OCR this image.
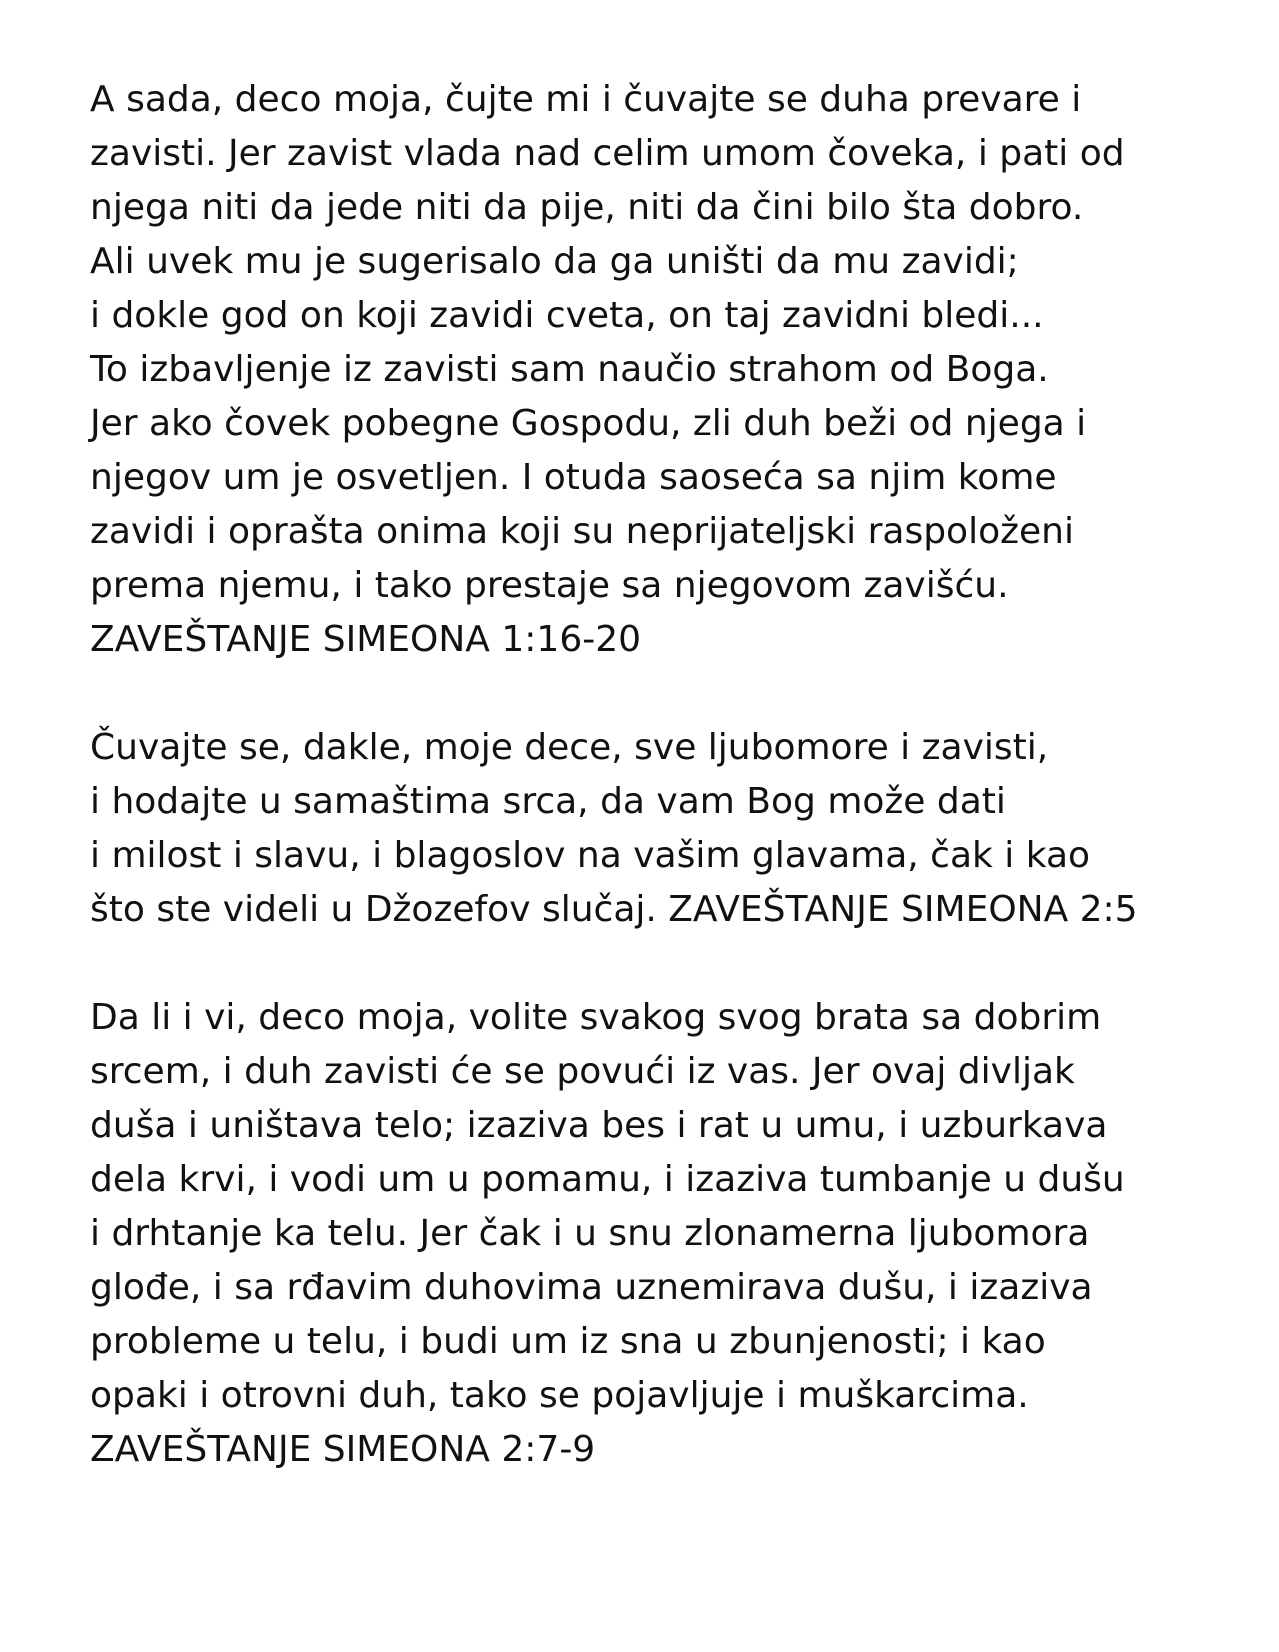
A sada, deco moja, čujte mi i čuvajte se duha prevare i
zavisti. Jer zavist vlada nad celim umom čoveka, i pati od
njega niti da jede niti da pije, niti da čini bilo šta dobro.
Ali uvek mu je sugerisalo da ga uništi da mu zavidi;
i dokle god on koji zavidi cveta, on taj zavidni bledi...
To izbavljenje iz zavisti sam naučio strahom od Boga.
Jer ako čovek pobegne Gospodu, zli duh beži od njega i
njegov um je osvetljen. I otuda saoseća sa njim kome
zavidi i oprašta onima koji su neprijateljski raspoloženi
prema njemu, i tako prestaje sa njegovom zavišću.
ZAVEŠTANJE SIMEONA 1:16-20
Čuvajte se, dakle, moje dece, sve ljubomore i zavisti,
i hodajte u samaštima srca, da vam Bog može dati
i milost i slavu, i blagoslov na vašim glavama, čak i kao
što ste videli u Džozefov slučaj. ZAVEŠTANJE SIMEONA 2:5
Da li i vi, deco moja, volite svakog svog brata sa dobrim
srcem, i duh zavisti će se povući iz vas. Jer ovaj divljak
duša i uništava telo; izaziva bes i rat u umu, i uzburkava
dela krvi, i vodi um u pomamu, i izaziva tumbanje u dušu
i drhtanje ka telu. Jer čak i u snu zlonamerna ljubomora
glođe, i sa rđavim duhovima uznemirava dušu, i izaziva
probleme u telu, i budi um iz sna u zbunjenosti; i kao
opaki i otrovni duh, tako se pojavljuje i muškarcima.
ZAVEŠTANJE SIMEONA 2:7-9
